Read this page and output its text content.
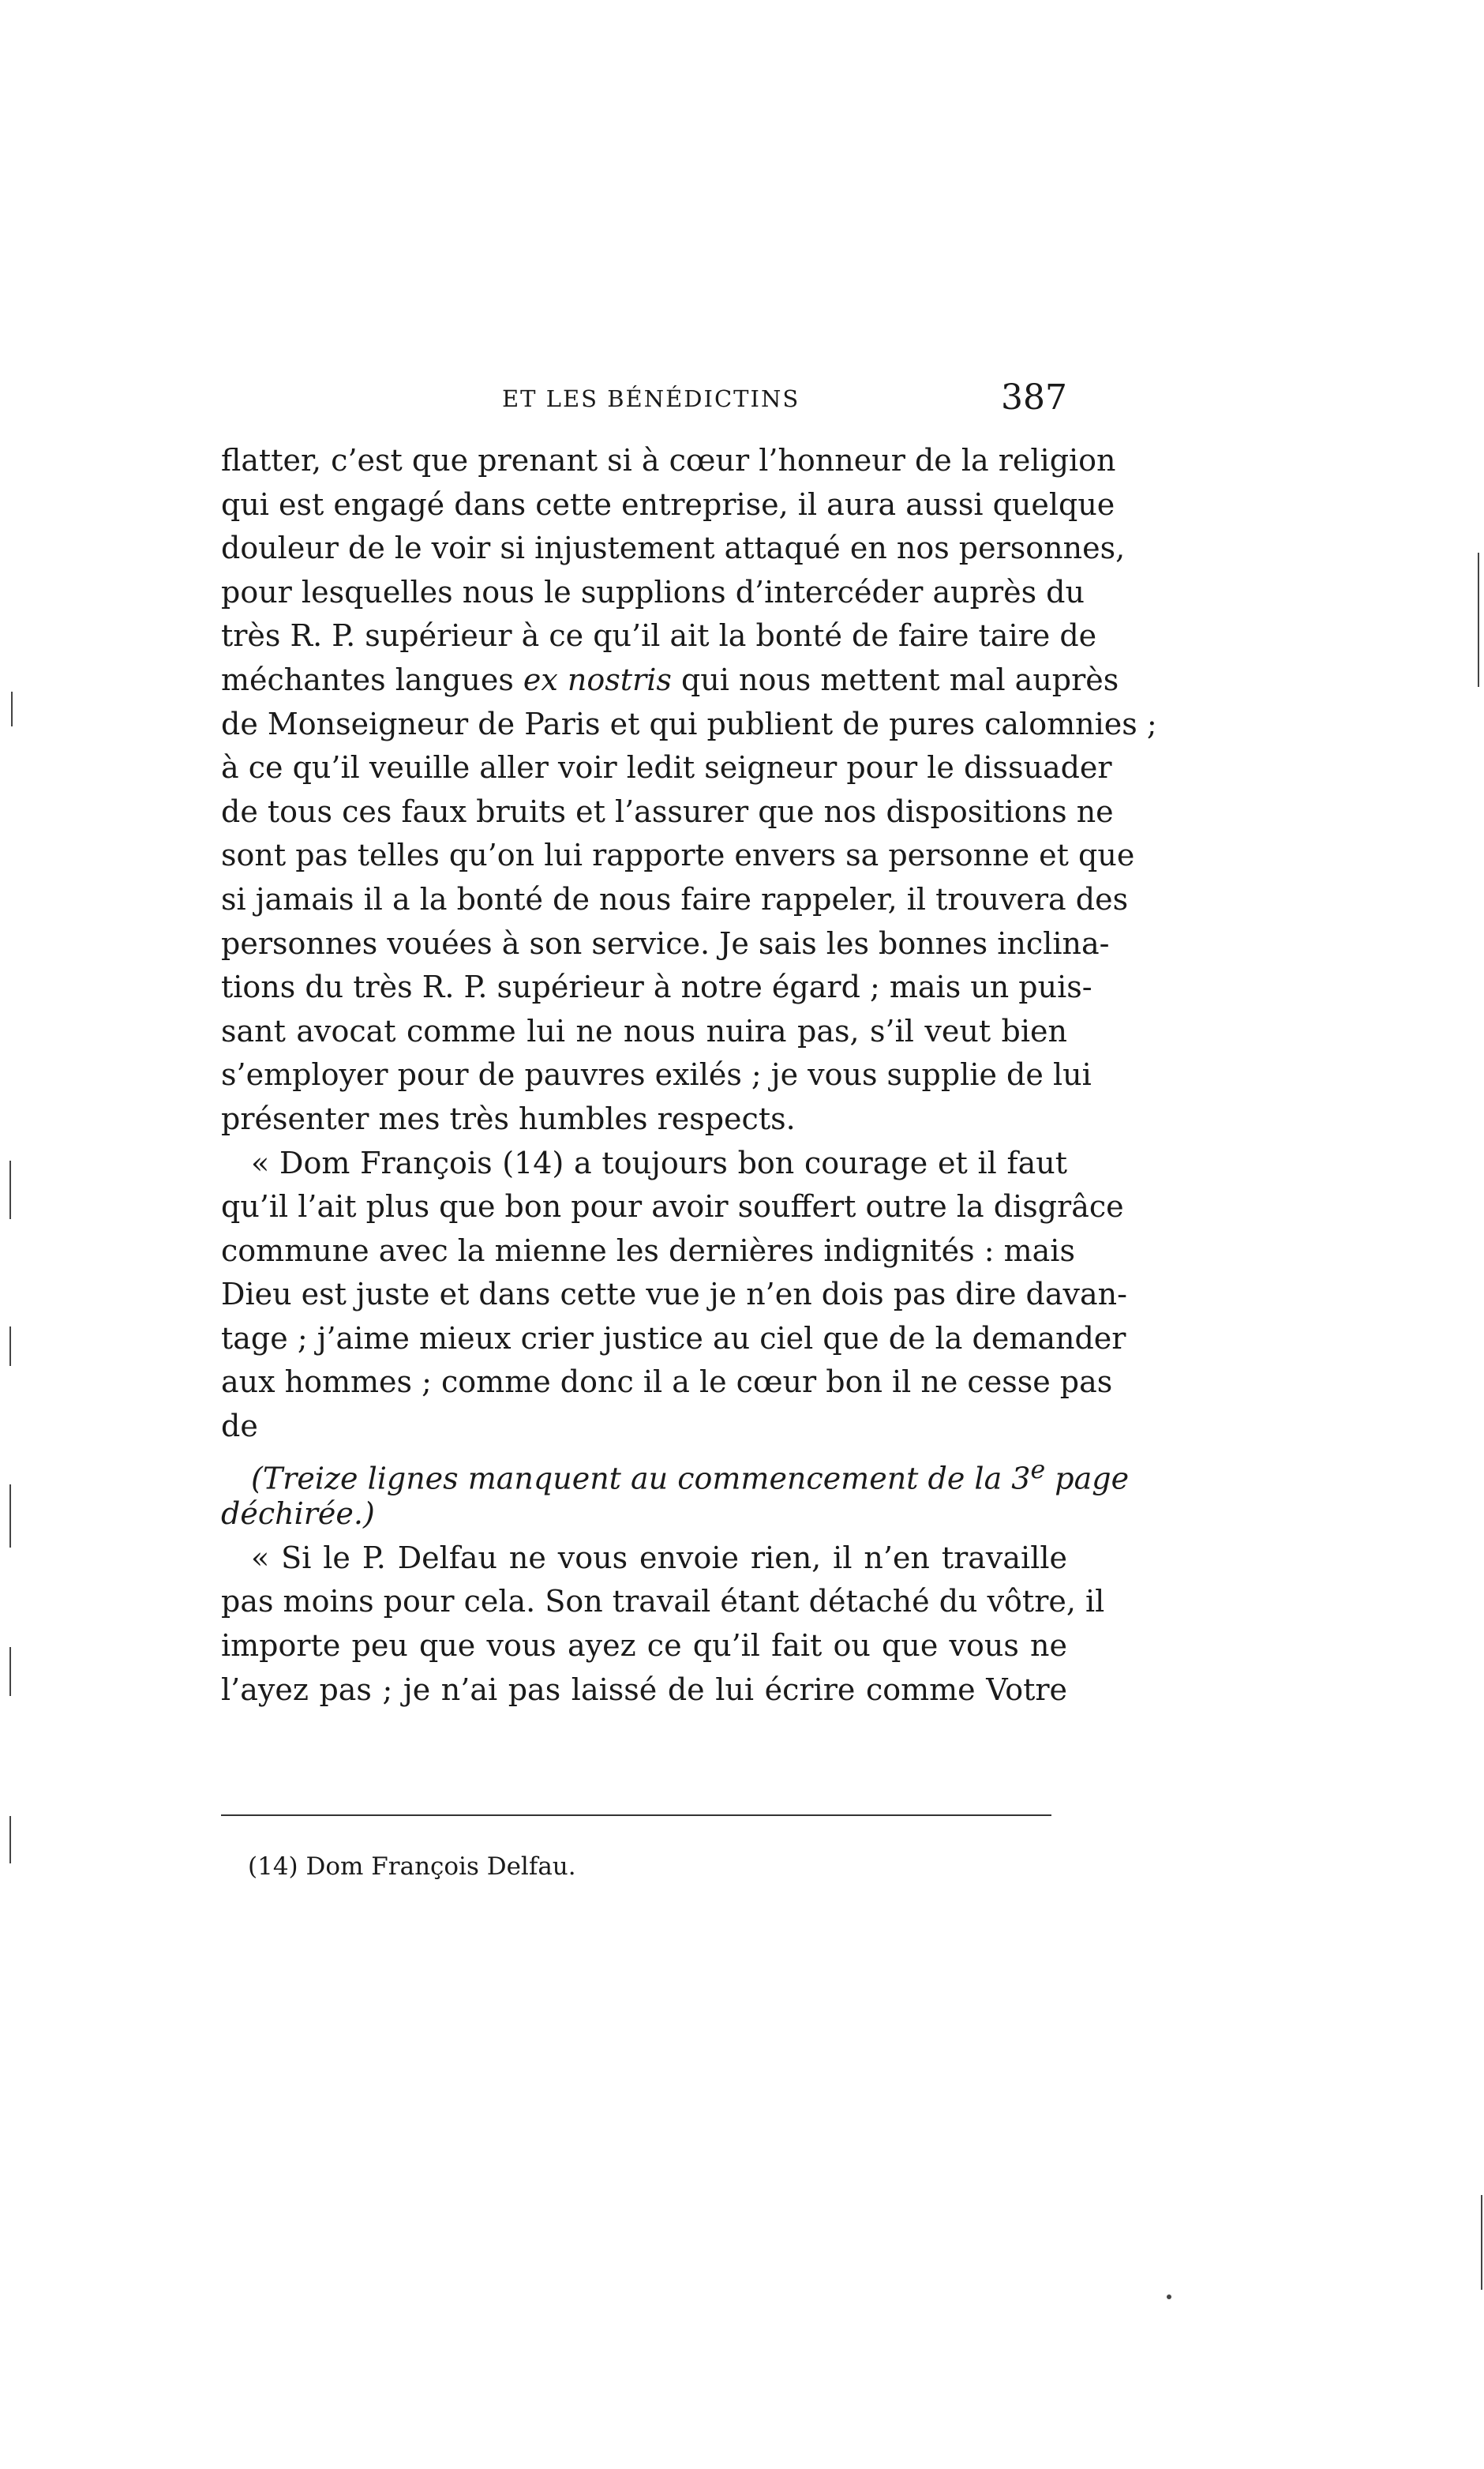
ET LES BÉNÉDICTINS	387
flatter, c’est que prenant si à cœur l’honneur de la religion
qui est engagé dans cette entreprise, il aura aussi quelque
douleur de le voir si injustement attaqué en nos personnes,
pour lesquelles nous le supplions d’intercéder auprès du
très R. P. supérieur à ce qu’il ait la bonté de faire taire de
méchantes langues ex nostris qui nous mettent mal auprès
de Monseigneur de Paris et qui publient de pures calomnies ;
à ce qu’il veuille aller voir ledit seigneur pour le dissuader
de tous ces faux bruits et l’assurer que nos dispositions ne
sont pas telles qu’on lui rapporte envers sa personne et que
si jamais il a la bonté de nous faire rappeler, il trouvera des
personnes vouées à son service. Je sais les bonnes inclina-
tions du très R. P. supérieur à notre égard ; mais un puis-
sant avocat comme lui ne nous nuira pas, s’il veut bien
s’employer pour de pauvres exilés ; je vous supplie de lui
présenter mes très humbles respects.
« Dom François (14) a toujours bon courage et il faut
qu’il l’ait plus que bon pour avoir souffert outre la disgrâce
commune avec la mienne les dernières indignités : mais
Dieu est juste et dans cette vue je n’en dois pas dire davan-
tage ; j’aime mieux crier justice au ciel que de la demander
aux hommes ; comme donc il a le cœur bon il ne cesse pas
de
(Treize lignes manquent au commencement de la 3e page
déchirée.)
« Si le P. Delfau ne vous envoie rien, il n’en travaille
pas moins pour cela. Son travail étant détaché du vôtre, il
importe peu que vous ayez ce qu’il fait ou que vous ne
l’ayez pas ; je n’ai pas laissé de lui écrire comme Votre
(14) Dom François Delfau.
